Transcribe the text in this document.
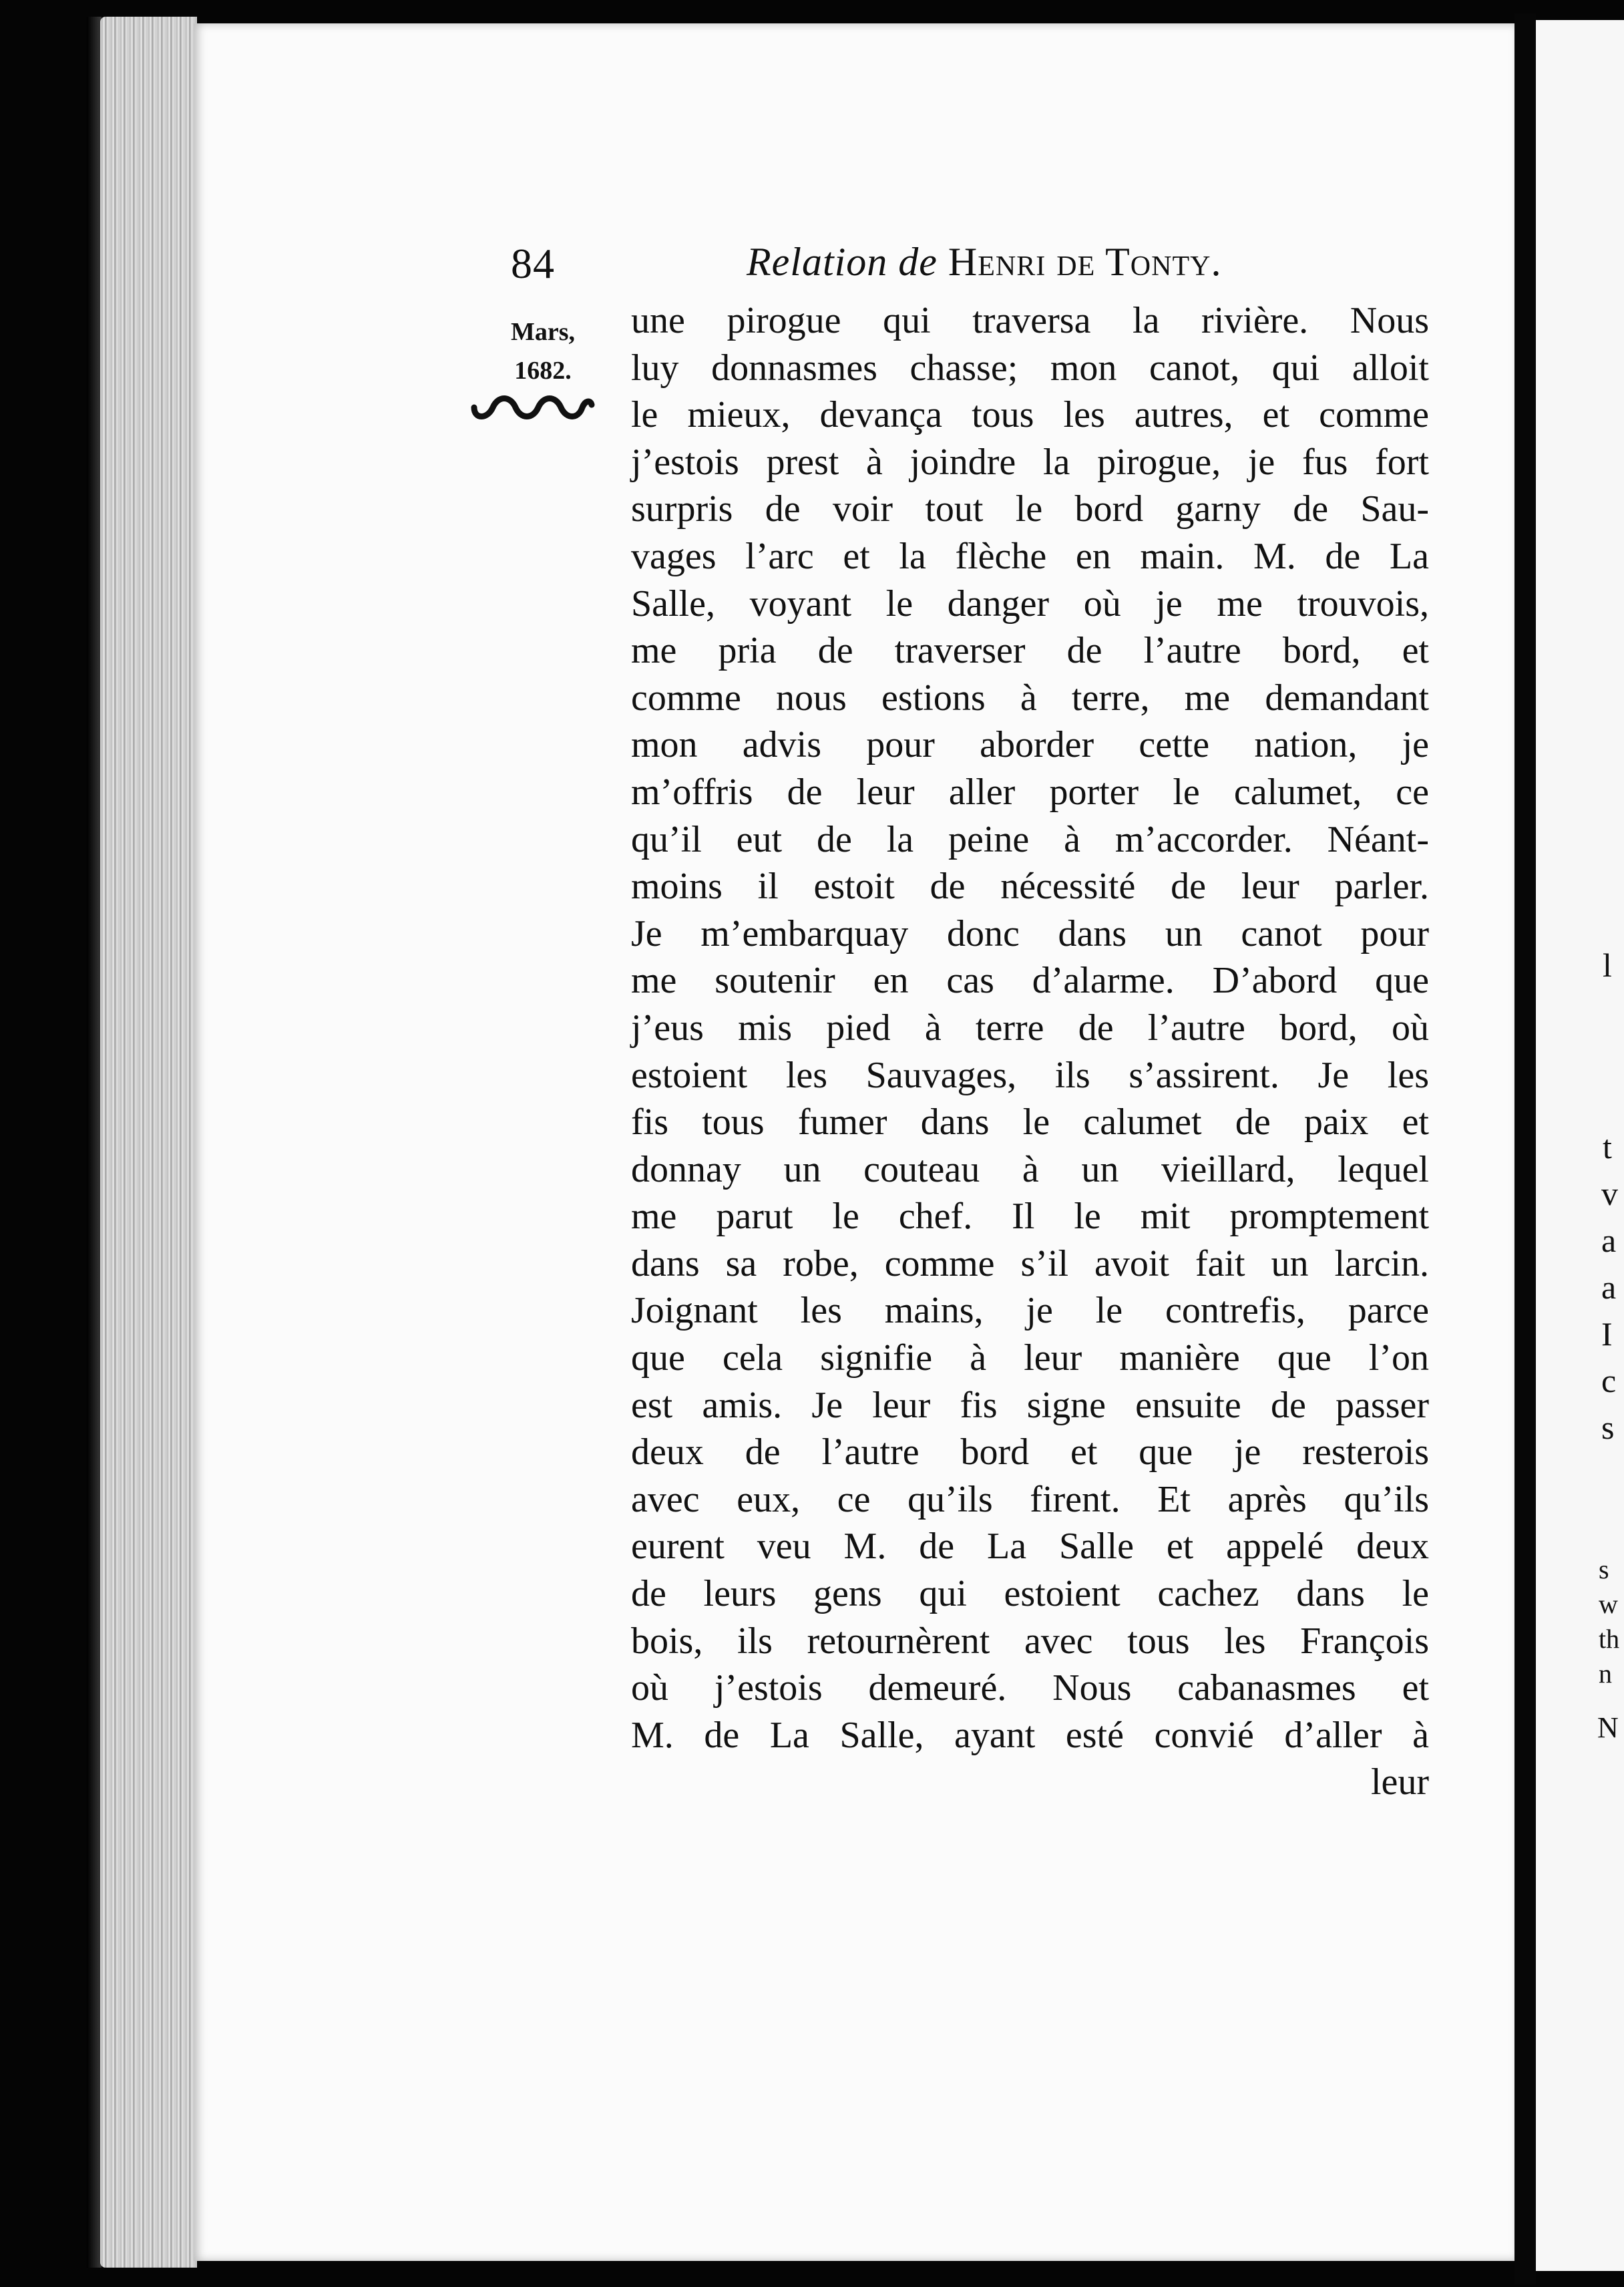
l
t
v
a
a
I
c
s
s
w
th
n
N
84	Relation de Henri de Tonty.
Mars,
1682.
une pirogue qui traversa la rivière. Nous
luy donnasmes chasse; mon canot, qui alloit
le mieux, devança tous les autres, et comme
j’estois prest à joindre la pirogue, je fus fort
surpris de voir tout le bord garny de Sau-
vages l’arc et la flèche en main. M. de La
Salle, voyant le danger où je me trouvois,
me pria de traverser de l’autre bord, et
comme nous estions à terre, me demandant
mon advis pour aborder cette nation, je
m’offris de leur aller porter le calumet, ce
qu’il eut de la peine à m’accorder. Néant-
moins il estoit de nécessité de leur parler.
Je m’embarquay donc dans un canot pour
me soutenir en cas d’alarme. D’abord que
j’eus mis pied à terre de l’autre bord, où
estoient les Sauvages, ils s’assirent. Je les
fis tous fumer dans le calumet de paix et
donnay un couteau à un vieillard, lequel
me parut le chef. Il le mit promptement
dans sa robe, comme s’il avoit fait un larcin.
Joignant les mains, je le contrefis, parce
que cela signifie à leur manière que l’on
est amis. Je leur fis signe ensuite de passer
deux de l’autre bord et que je resterois
avec eux, ce qu’ils firent. Et après qu’ils
eurent veu M. de La Salle et appelé deux
de leurs gens qui estoient cachez dans le
bois, ils retournèrent avec tous les François
où j’estois demeuré. Nous cabanasmes et
M. de La Salle, ayant esté convié d’aller à
leur
